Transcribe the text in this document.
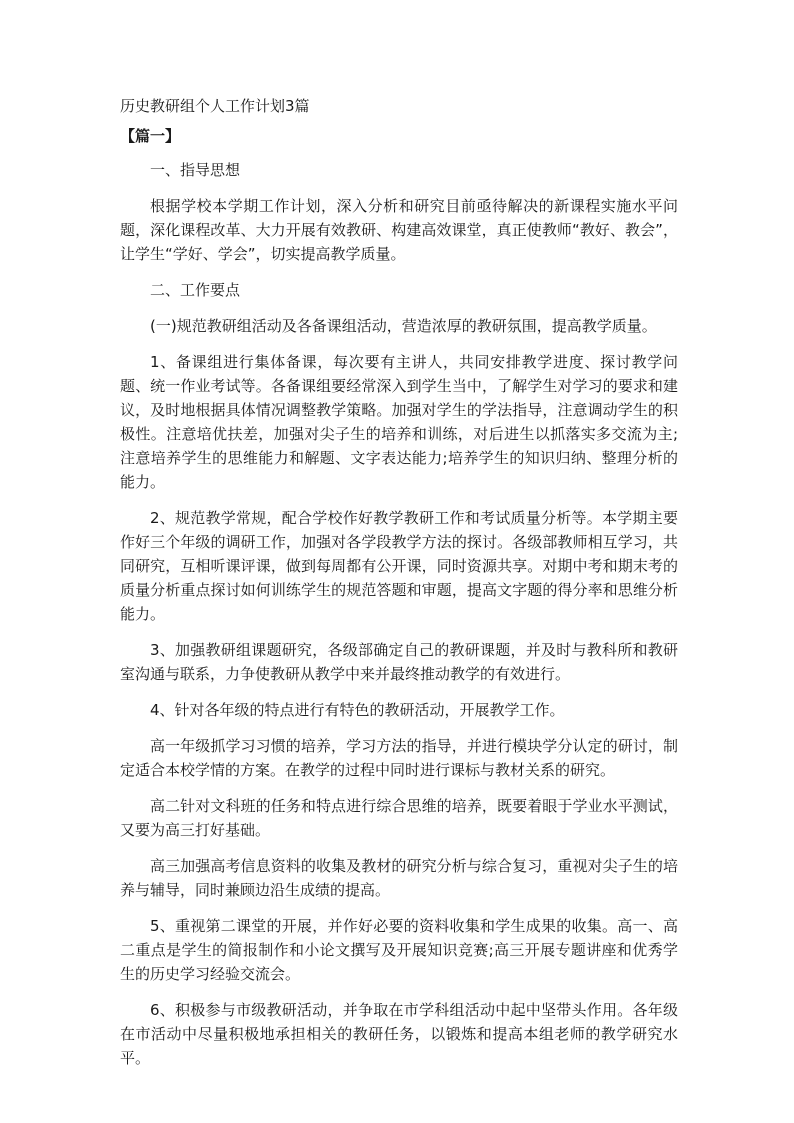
历史教研组个人工作计划3篇

【篇一】

一、指导思想

根据学校本学期工作计划，深入分析和研究目前亟待解决的新课程实施水平问题，深化课程改革、大力开展有效教研、构建高效课堂，真正使教师“教好、教会”，让学生“学好、学会”，切实提高教学质量。

二、工作要点

(一)规范教研组活动及各备课组活动，营造浓厚的教研氛围，提高教学质量。

1、备课组进行集体备课，每次要有主讲人，共同安排教学进度、探讨教学问题、统一作业考试等。各备课组要经常深入到学生当中，了解学生对学习的要求和建议，及时地根据具体情况调整教学策略。加强对学生的学法指导，注意调动学生的积极性。注意培优扶差，加强对尖子生的培养和训练，对后进生以抓落实多交流为主;注意培养学生的思维能力和解题、文字表达能力;培养学生的知识归纳、整理分析的能力。

2、规范教学常规，配合学校作好教学教研工作和考试质量分析等。本学期主要作好三个年级的调研工作，加强对各学段教学方法的探讨。各级部教师相互学习，共同研究，互相听课评课，做到每周都有公开课，同时资源共享。对期中考和期末考的质量分析重点探讨如何训练学生的规范答题和审题，提高文字题的得分率和思维分析能力。

3、加强教研组课题研究，各级部确定自己的教研课题，并及时与教科所和教研室沟通与联系，力争使教研从教学中来并最终推动教学的有效进行。

4、针对各年级的特点进行有特色的教研活动，开展教学工作。

高一年级抓学习习惯的培养，学习方法的指导，并进行模块学分认定的研讨，制定适合本校学情的方案。在教学的过程中同时进行课标与教材关系的研究。

高二针对文科班的任务和特点进行综合思维的培养，既要着眼于学业水平测试，又要为高三打好基础。

高三加强高考信息资料的收集及教材的研究分析与综合复习，重视对尖子生的培养与辅导，同时兼顾边沿生成绩的提高。

5、重视第二课堂的开展，并作好必要的资料收集和学生成果的收集。高一、高二重点是学生的简报制作和小论文撰写及开展知识竞赛;高三开展专题讲座和优秀学生的历史学习经验交流会。

6、积极参与市级教研活动，并争取在市学科组活动中起中坚带头作用。各年级在市活动中尽量积极地承担相关的教研任务，以锻炼和提高本组老师的教学研究水平。
